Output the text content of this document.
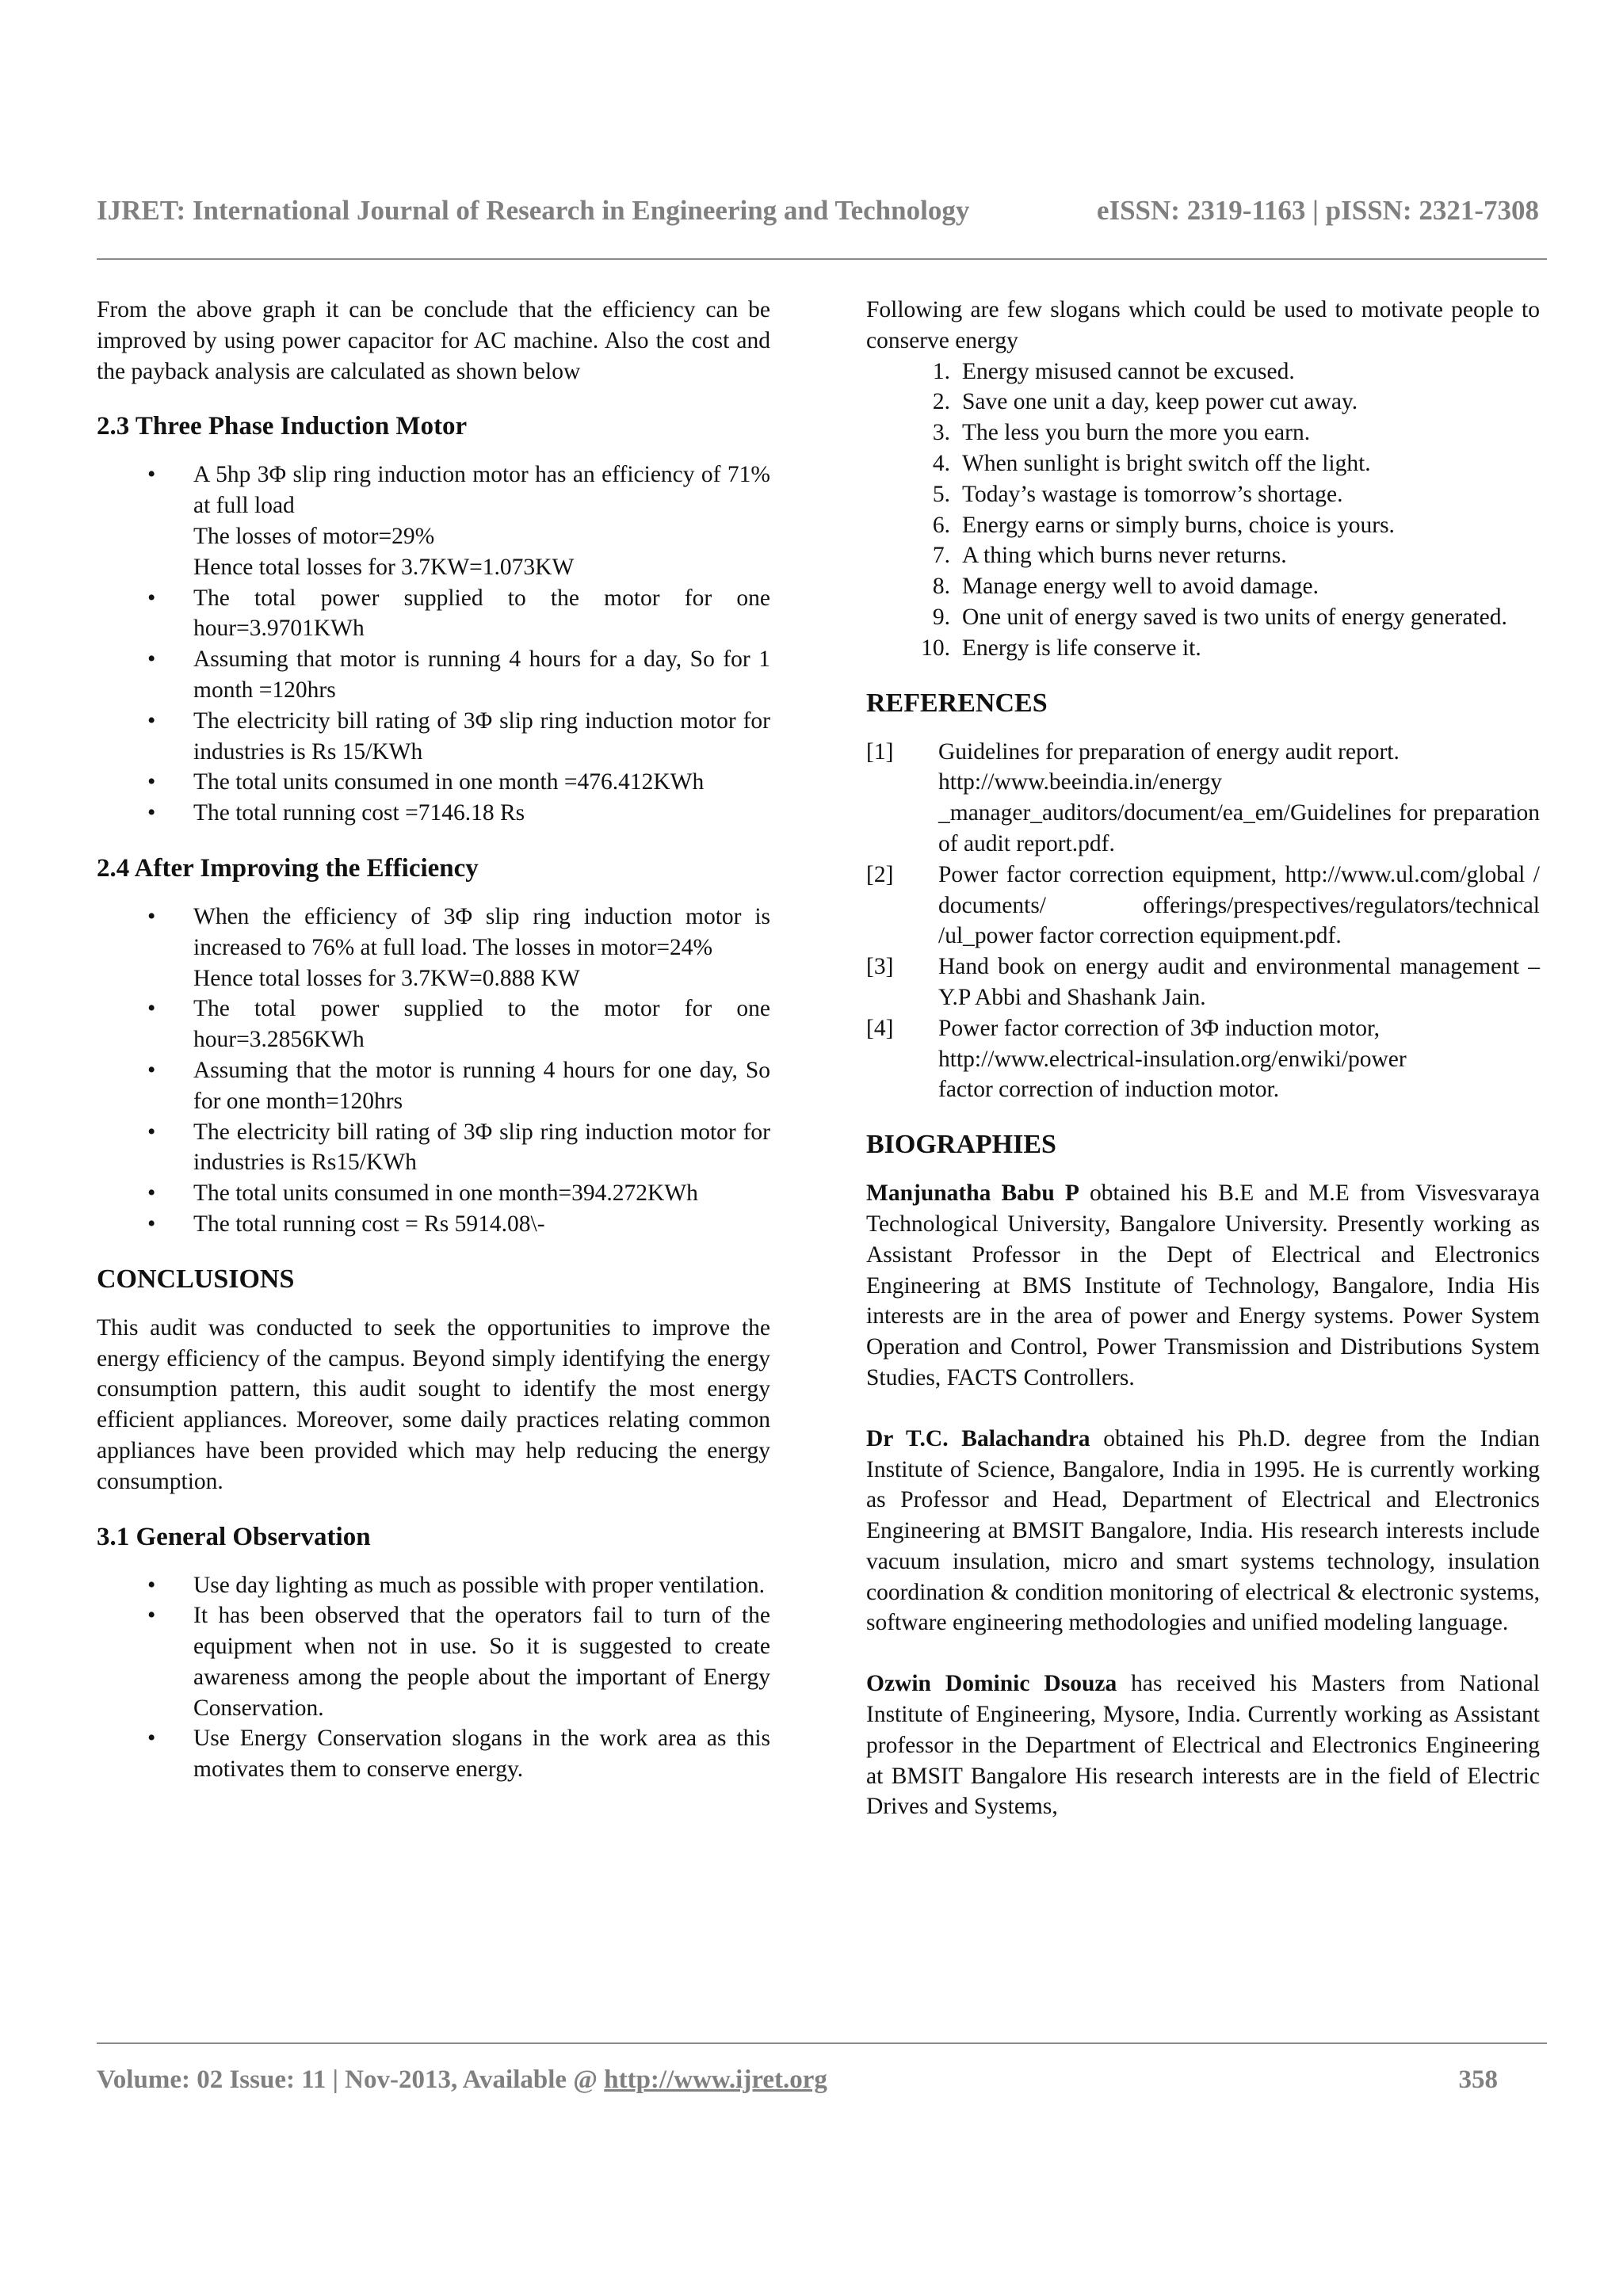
IJRET: International Journal of Research in Engineering and Technology	eISSN: 2319-1163 | pISSN: 2321-7308

From the above graph it can be conclude that the efficiency can be improved by using power capacitor for AC machine. Also the cost and the payback analysis are calculated as shown below

2.3 Three Phase Induction Motor
• A 5hp 3Φ slip ring induction motor has an efficiency of 71% at full load
The losses of motor=29%
Hence total losses for 3.7KW=1.073KW
• The total power supplied to the motor for one hour=3.9701KWh
• Assuming that motor is running 4 hours for a day, So for 1 month =120hrs
• The electricity bill rating of 3Φ slip ring induction motor for industries is Rs 15/KWh
• The total units consumed in one month =476.412KWh
• The total running cost =7146.18 Rs
2.4 After Improving the Efficiency
• When the efficiency of 3Φ slip ring induction motor is increased to 76% at full load. The losses in motor=24%
Hence total losses for 3.7KW=0.888 KW
• The total power supplied to the motor for one hour=3.2856KWh
• Assuming that the motor is running 4 hours for one day, So for one month=120hrs
• The electricity bill rating of 3Φ slip ring induction motor for industries is Rs15/KWh
• The total units consumed in one month=394.272KWh
• The total running cost = Rs 5914.08\-
CONCLUSIONS

This audit was conducted to seek the opportunities to improve the energy efficiency of the campus. Beyond simply identifying the energy consumption pattern, this audit sought to identify the most energy efficient appliances. Moreover, some daily practices relating common appliances have been provided which may help reducing the energy consumption.

3.1 General Observation
• Use day lighting as much as possible with proper ventilation.
• It has been observed that the operators fail to turn of the equipment when not in use. So it is suggested to create awareness among the people about the important of Energy Conservation.
• Use Energy Conservation slogans in the work area as this motivates them to conserve energy.

Following are few slogans which could be used to motivate people to conserve energy

1. Energy misused cannot be excused.
2. Save one unit a day, keep power cut away.
3. The less you burn the more you earn.
4. When sunlight is bright switch off the light.
5. Today’s wastage is tomorrow’s shortage.
6. Energy earns or simply burns, choice is yours.
7. A thing which burns never returns.
8. Manage energy well to avoid damage.
9. One unit of energy saved is two units of energy generated.
10. Energy is life conserve it.
REFERENCES
[1] Guidelines for preparation of energy audit report.
http://www.beeindia.in/energy
_manager_auditors/document/ea_em/Guidelines for preparation of audit report.pdf.
[2] Power factor correction equipment, http://www.ul.com/global / documents/ offerings/prespectives/regulators/technical /ul_power factor correction equipment.pdf.
[3] Hand book on energy audit and environmental management – Y.P Abbi and Shashank Jain.
[4] Power factor correction of 3Φ induction motor,
http://www.electrical-insulation.org/enwiki/power
factor correction of induction motor.
BIOGRAPHIES

Manjunatha Babu P obtained his B.E and M.E from Visvesvaraya Technological University, Bangalore University. Presently working as Assistant Professor in the Dept of Electrical and Electronics Engineering at BMS Institute of Technology, Bangalore, India His interests are in the area of power and Energy systems. Power System Operation and Control, Power Transmission and Distributions System Studies, FACTS Controllers.

Dr T.C. Balachandra obtained his Ph.D. degree from the Indian Institute of Science, Bangalore, India in 1995. He is currently working as Professor and Head, Department of Electrical and Electronics Engineering at BMSIT Bangalore, India. His research interests include vacuum insulation, micro and smart systems technology, insulation coordination & condition monitoring of electrical & electronic systems, software engineering methodologies and unified modeling language.

Ozwin Dominic Dsouza has received his Masters from National Institute of Engineering, Mysore, India. Currently working as Assistant professor in the Department of Electrical and Electronics Engineering at BMSIT Bangalore His research interests are in the field of Electric Drives and Systems,

Volume: 02 Issue: 11 | Nov-2013, Available @ http://www.ijret.org	358
